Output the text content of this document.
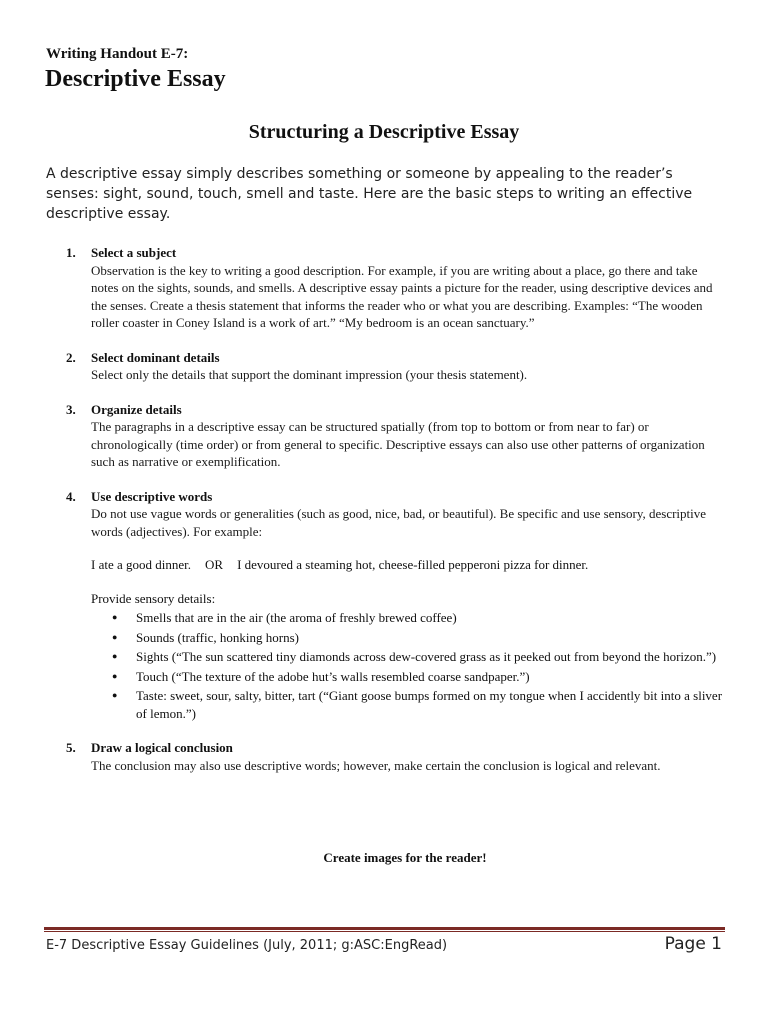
Writing Handout E-7:
Descriptive Essay
Structuring a Descriptive Essay
A descriptive essay simply describes something or someone by appealing to the reader’s senses: sight, sound, touch, smell and taste. Here are the basic steps to writing an effective descriptive essay.
1. Select a subject
Observation is the key to writing a good description. For example, if you are writing about a place, go there and take notes on the sights, sounds, and smells. A descriptive essay paints a picture for the reader, using descriptive devices and the senses. Create a thesis statement that informs the reader who or what you are describing. Examples: “The wooden roller coaster in Coney Island is a work of art.” “My bedroom is an ocean sanctuary.”
2. Select dominant details
Select only the details that support the dominant impression (your thesis statement).
3. Organize details
The paragraphs in a descriptive essay can be structured spatially (from top to bottom or from near to far) or chronologically (time order) or from general to specific. Descriptive essays can also use other patterns of organization such as narrative or exemplification.
4. Use descriptive words
Do not use vague words or generalities (such as good, nice, bad, or beautiful). Be specific and use sensory, descriptive words (adjectives). For example:
I ate a good dinner. OR I devoured a steaming hot, cheese-filled pepperoni pizza for dinner.
Provide sensory details:
● Smells that are in the air (the aroma of freshly brewed coffee)
● Sounds (traffic, honking horns)
● Sights (“The sun scattered tiny diamonds across dew-covered grass as it peeked out from beyond the horizon.”)
● Touch (“The texture of the adobe hut’s walls resembled coarse sandpaper.”)
● Taste: sweet, sour, salty, bitter, tart (“Giant goose bumps formed on my tongue when I accidently bit into a sliver of lemon.”)
5. Draw a logical conclusion
The conclusion may also use descriptive words; however, make certain the conclusion is logical and relevant.
Create images for the reader!
E-7 Descriptive Essay Guidelines (July, 2011; g:ASC:EngRead)	Page 1
